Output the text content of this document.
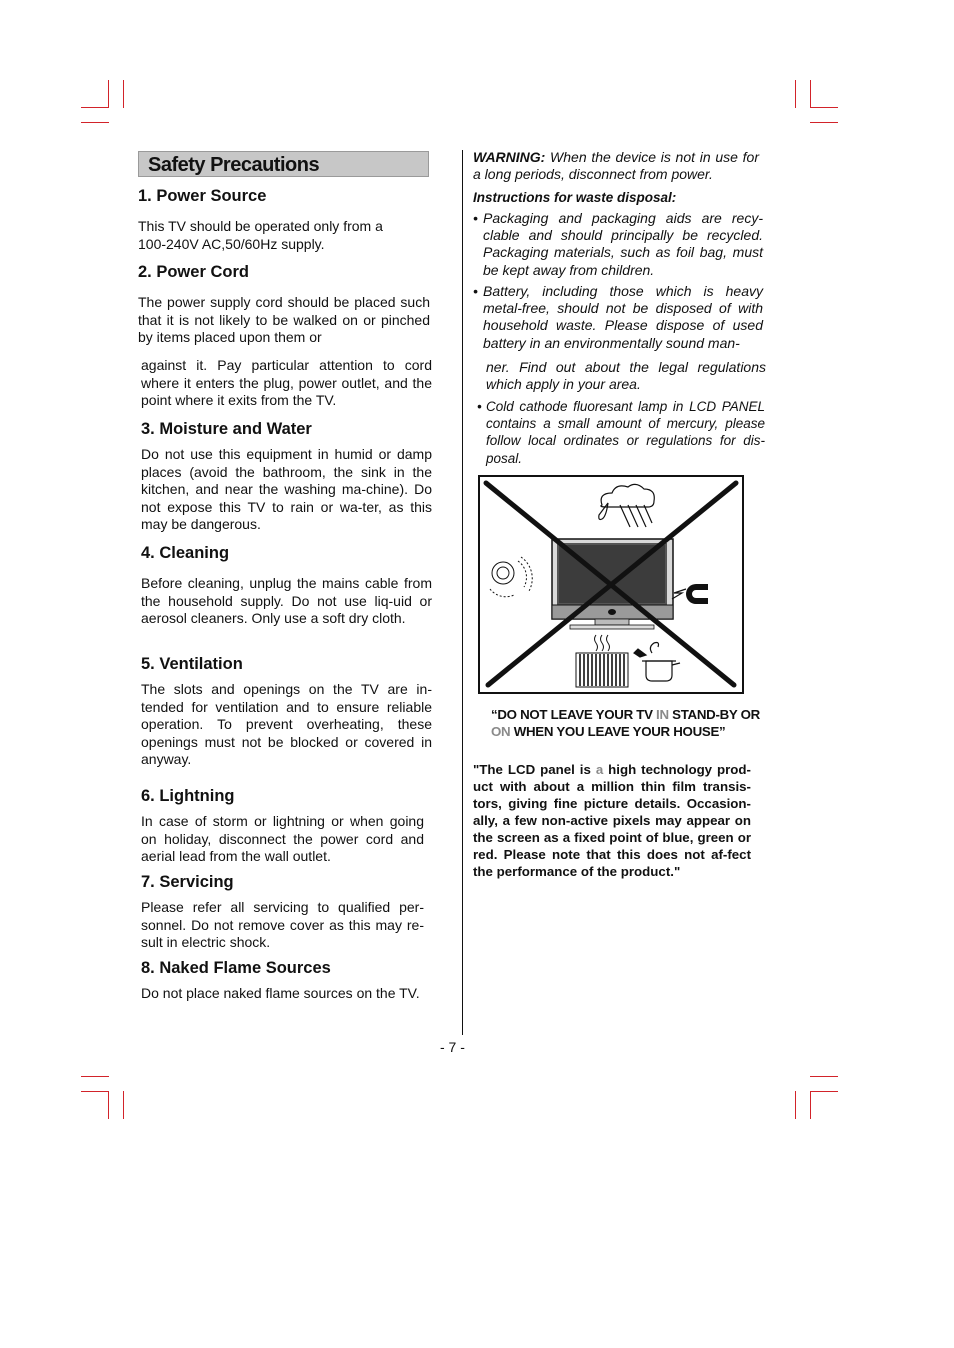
Safety Precautions
1. Power Source

This TV should be operated only from a 100-240V AC,50/60Hz supply.

2. Power Cord

The power supply cord should be placed such that it is not likely to be walked on or pinched by items placed upon them or

against it. Pay particular attention to cord where it enters the plug, power outlet, and the point where it exits from the TV.

3. Moisture and Water

Do not use this equipment in humid or damp places (avoid the bathroom, the sink in the kitchen, and near the washing ma-chine). Do not expose this TV to rain or wa-ter, as this may be dangerous.

4. Cleaning

Before cleaning, unplug the mains cable from the household supply. Do not use liq-uid or aerosol cleaners. Only use a soft dry cloth.

5. Ventilation

The slots and openings on the TV are in-tended for ventilation and to ensure reliable operation. To prevent overheating, these openings must not be blocked or covered in anyway.

6. Lightning

In case of storm or lightning or when going on holiday, disconnect the power cord and aerial lead from the wall outlet.

7. Servicing

Please refer all servicing to qualified per-sonnel. Do not remove cover as this may re-sult in electric shock.

8. Naked Flame Sources

Do not place naked flame sources on the TV.

WARNING: When the device is not in use for a long periods, disconnect from power.

Instructions for waste disposal:

• Packaging and packaging aids are recy-clable and should principally be recycled. Packaging materials, such as foil bag, must be kept away from children.
• Battery, including those which is heavy metal-free, should not be disposed of with household waste. Please dispose of used battery in an environmentally sound man-
ner. Find out about the legal regulations which apply in your area.
• Cold cathode fluoresant lamp in LCD PANEL contains a small amount of mercury, please follow local ordinates or regulations for dis-posal.
“DO NOT LEAVE YOUR TV IN STAND-BY OR
ON WHEN YOU LEAVE YOUR HOUSE”
"The LCD panel is a high technology prod-uct with about a million thin film transis-tors, giving fine picture details. Occasion-ally, a few non-active pixels may appear on the screen as a fixed point of blue, green or red. Please note that this does not af-fect the performance of the product."
- 7 -
